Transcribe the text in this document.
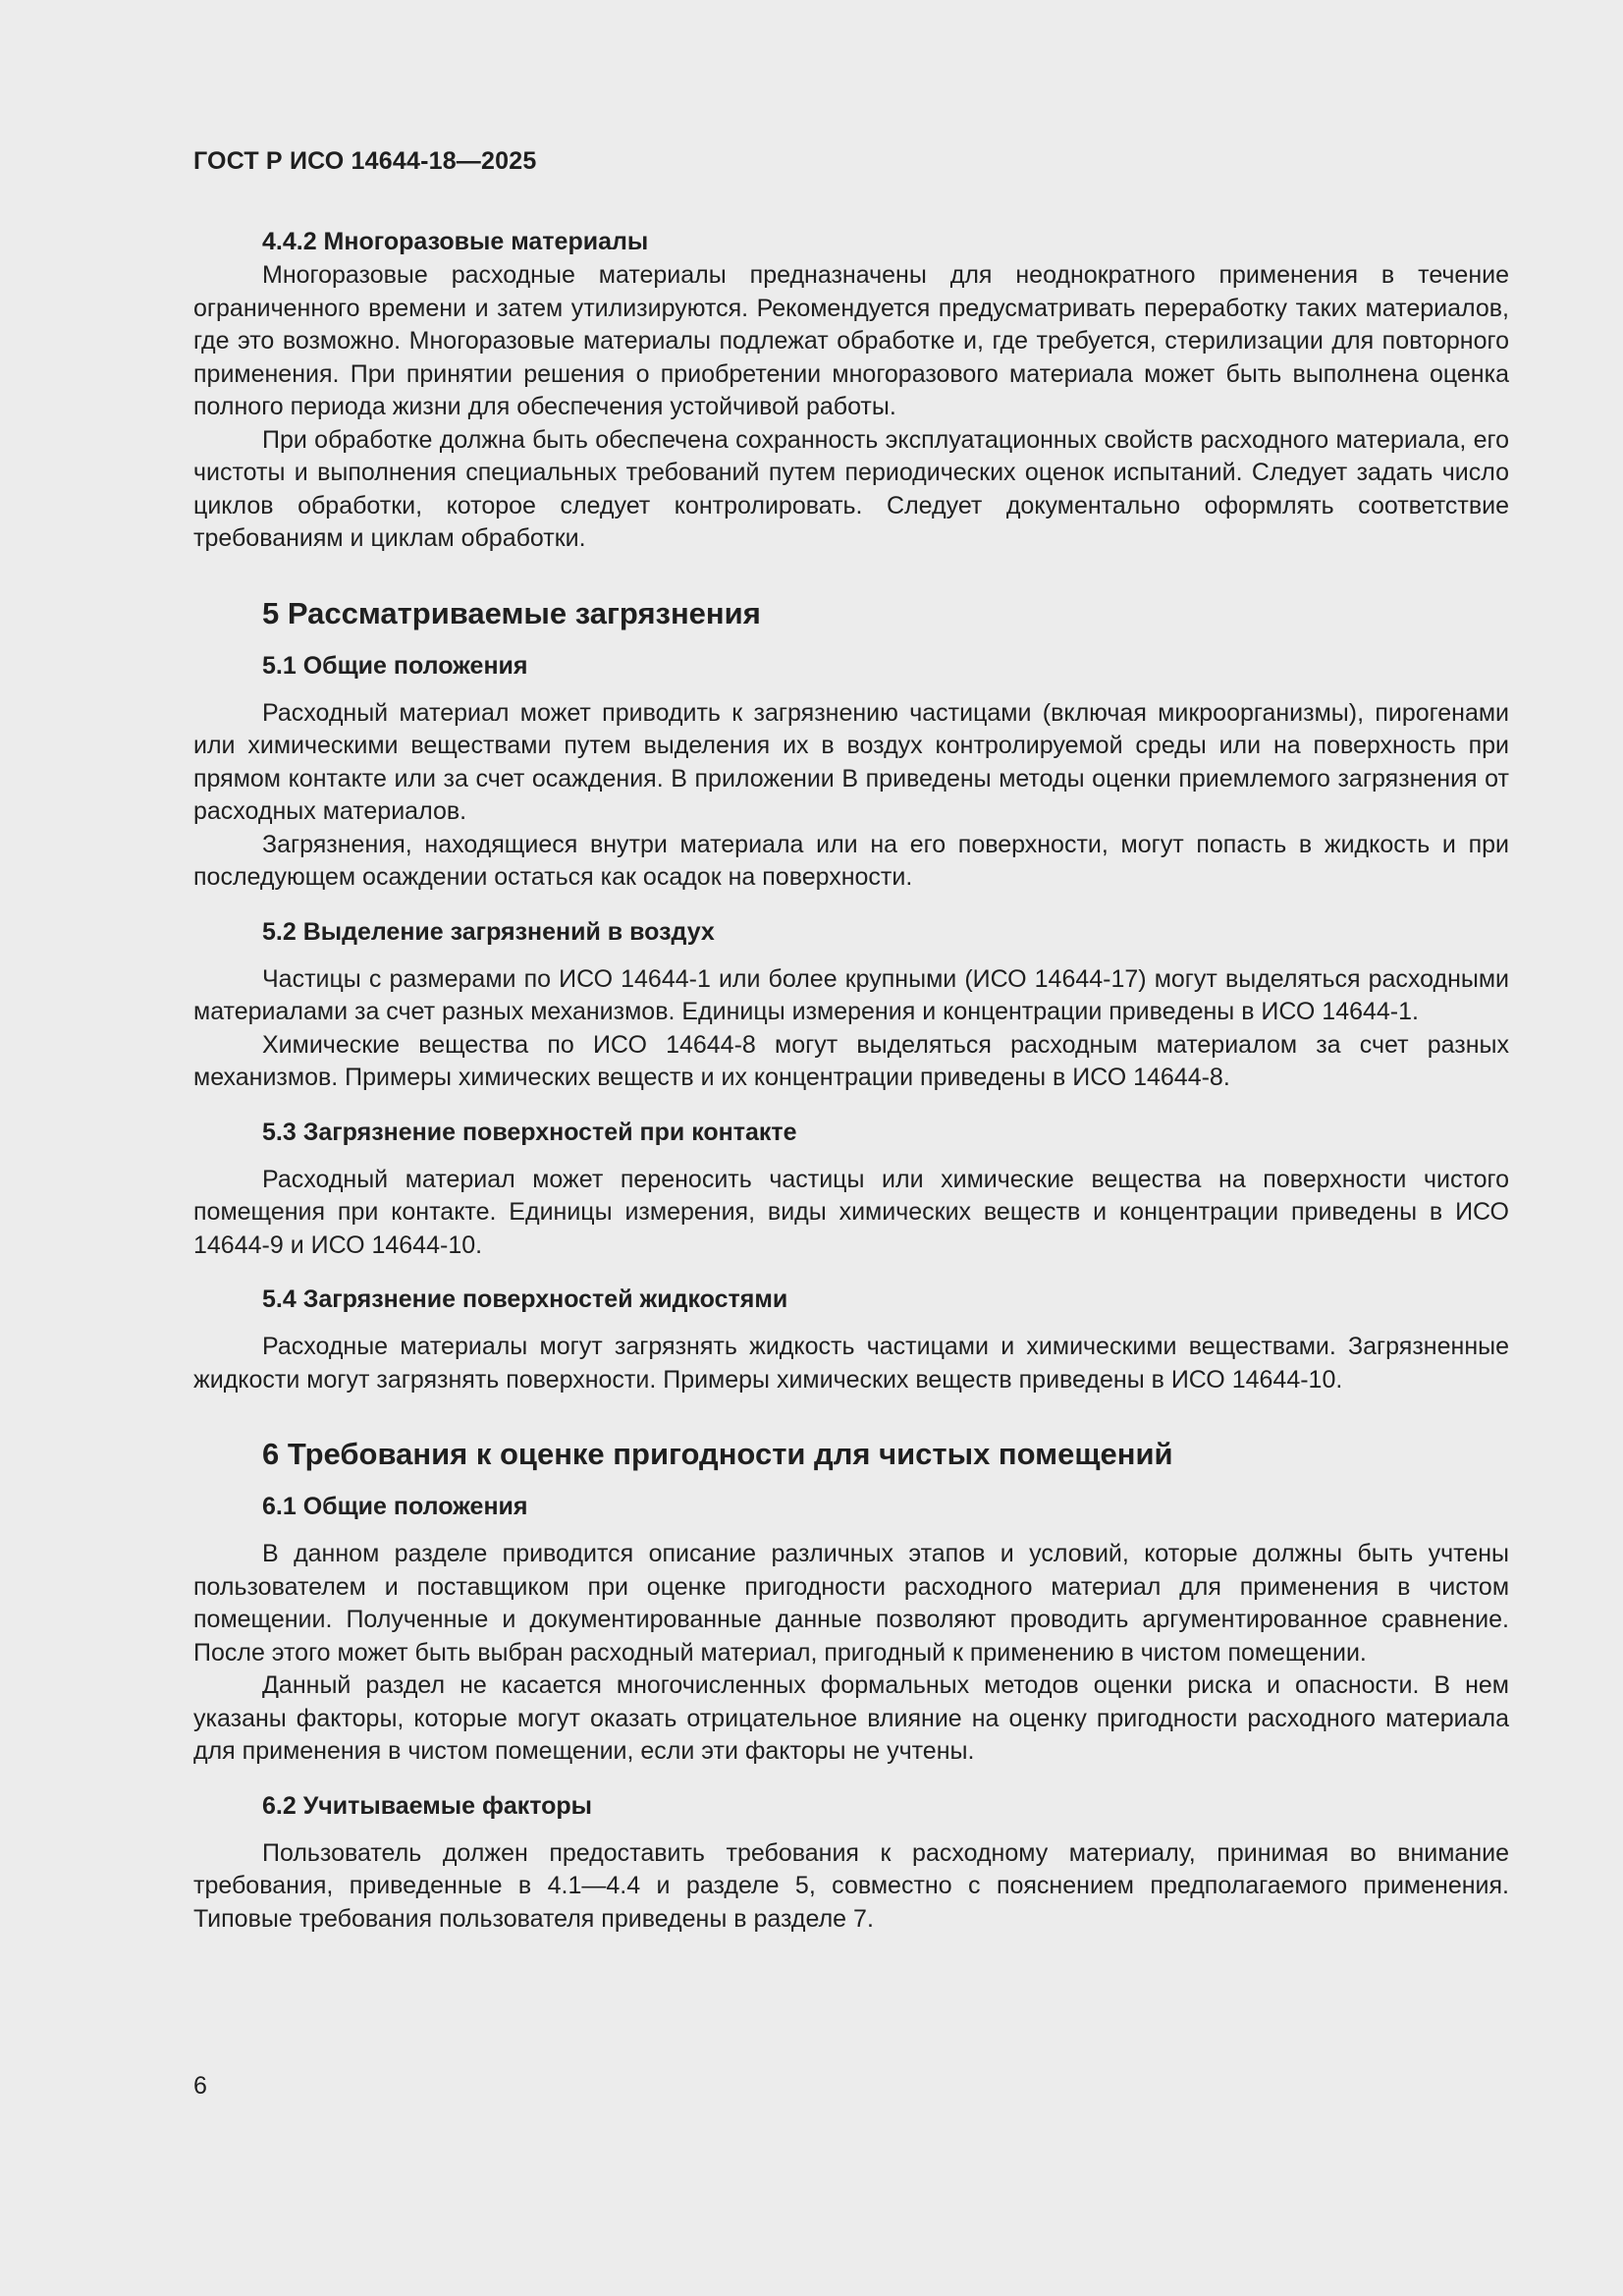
ГОСТ Р ИСО 14644-18—2025
4.4.2 Многоразовые материалы

Многоразовые расходные материалы предназначены для неоднократного применения в течение ограниченного времени и затем утилизируются. Рекомендуется предусматривать переработку таких материалов, где это возможно. Многоразовые материалы подлежат обработке и, где требуется, стерилизации для повторного применения. При принятии решения о приобретении многоразового материала может быть выполнена оценка полного периода жизни для обеспечения устойчивой работы.

При обработке должна быть обеспечена сохранность эксплуатационных свойств расходного материала, его чистоты и выполнения специальных требований путем периодических оценок испытаний. Следует задать число циклов обработки, которое следует контролировать. Следует документально оформлять соответствие требованиям и циклам обработки.

5 Рассматриваемые загрязнения
5.1 Общие положения

Расходный материал может приводить к загрязнению частицами (включая микроорганизмы), пирогенами или химическими веществами путем выделения их в воздух контролируемой среды или на поверхность при прямом контакте или за счет осаждения. В приложении В приведены методы оценки приемлемого загрязнения от расходных материалов.

Загрязнения, находящиеся внутри материала или на его поверхности, могут попасть в жидкость и при последующем осаждении остаться как осадок на поверхности.

5.2 Выделение загрязнений в воздух

Частицы с размерами по ИСО 14644-1 или более крупными (ИСО 14644-17) могут выделяться расходными материалами за счет разных механизмов. Единицы измерения и концентрации приведены в ИСО 14644-1.

Химические вещества по ИСО 14644-8 могут выделяться расходным материалом за счет разных механизмов. Примеры химических веществ и их концентрации приведены в ИСО 14644-8.

5.3 Загрязнение поверхностей при контакте

Расходный материал может переносить частицы или химические вещества на поверхности чистого помещения при контакте. Единицы измерения, виды химических веществ и концентрации приведены в ИСО 14644-9 и ИСО 14644-10.

5.4 Загрязнение поверхностей жидкостями

Расходные материалы могут загрязнять жидкость частицами и химическими веществами. Загрязненные жидкости могут загрязнять поверхности. Примеры химических веществ приведены в ИСО 14644-10.

6 Требования к оценке пригодности для чистых помещений
6.1 Общие положения

В данном разделе приводится описание различных этапов и условий, которые должны быть учтены пользователем и поставщиком при оценке пригодности расходного материал для применения в чистом помещении. Полученные и документированные данные позволяют проводить аргументированное сравнение. После этого может быть выбран расходный материал, пригодный к применению в чистом помещении.

Данный раздел не касается многочисленных формальных методов оценки риска и опасности. В нем указаны факторы, которые могут оказать отрицательное влияние на оценку пригодности расходного материала для применения в чистом помещении, если эти факторы не учтены.

6.2 Учитываемые факторы

Пользователь должен предоставить требования к расходному материалу, принимая во внимание требования, приведенные в 4.1—4.4 и разделе 5, совместно с пояснением предполагаемого применения. Типовые требования пользователя приведены в разделе 7.

6
